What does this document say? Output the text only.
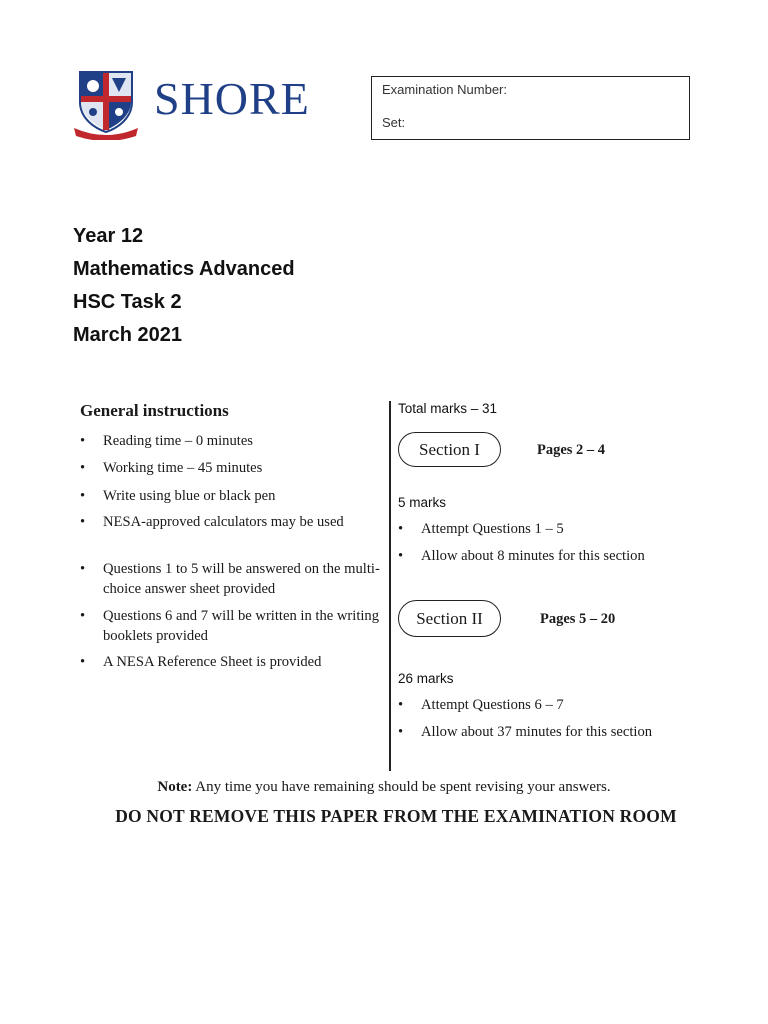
SHORE	Examination Number:
Set:
Year 12
Mathematics Advanced
HSC Task 2
March 2021
General instructions
• Reading time – 0 minutes
• Working time – 45 minutes
• Write using blue or black pen
• NESA-approved calculators may be used
• Questions 1 to 5 will be answered on the multi-choice answer sheet provided
• Questions 6 and 7 will be written in the writing booklets provided
• A NESA Reference Sheet is provided
Total marks – 31
Section I	Pages 2 – 4
5 marks
• Attempt Questions 1 – 5
• Allow about 8 minutes for this section
Section II	Pages 5 – 20
26 marks
• Attempt Questions 6 – 7
• Allow about 37 minutes for this section
Note: Any time you have remaining should be spent revising your answers.
DO NOT REMOVE THIS PAPER FROM THE EXAMINATION ROOM
